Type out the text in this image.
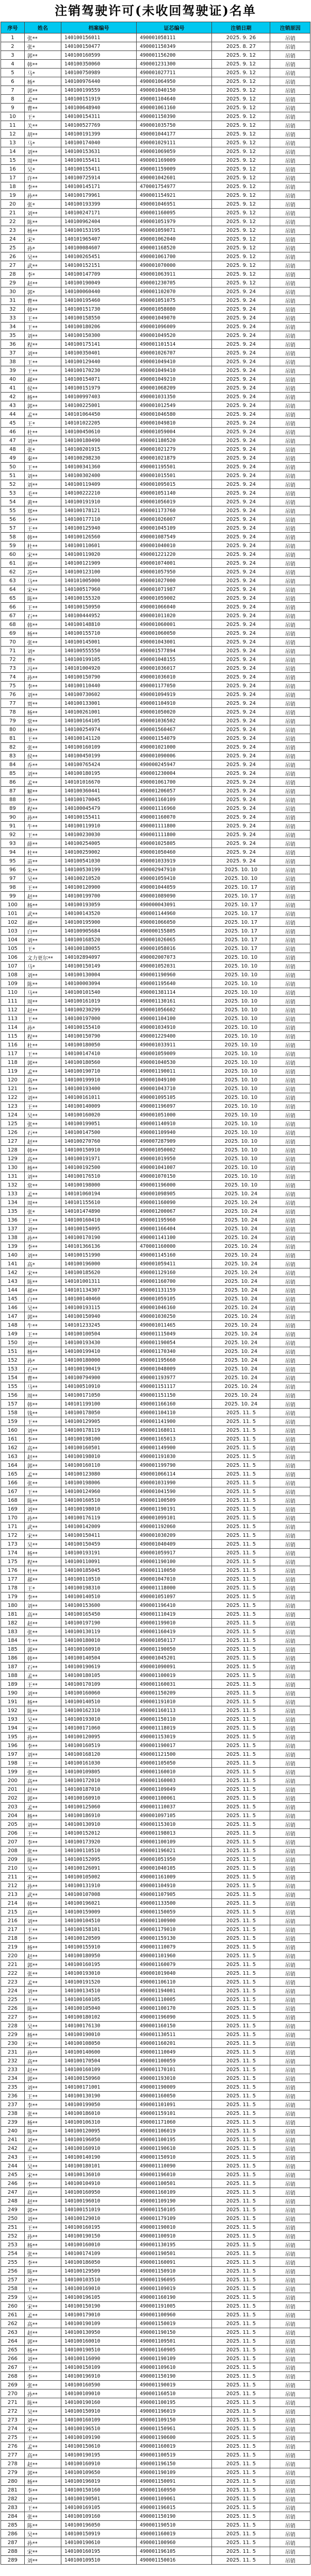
注销驾驶许可(未收回驾驶证)名单
序号	姓名	档案编号	证芯编号	注销日期	注销原因
1	张**	140100156011	490001058111	2025. 9. 26	吊销
2	张*	140100150477	490001150349	2025. 8. 27	吊销
3	郭**	140100160599	490001156200	2025. 9. 12	吊销
4	韩**	140100350060	490001231300	2025. 9. 12	吊销
5	马*	140100750989	490001027711	2025. 9. 12	吊销
6	杨*	140100976440	490001064950	2025. 9. 12	吊销
7	郭**	140100199559	490001040150	2025. 9. 12	吊销
8	孟**	140100151919	490001104640	2025. 9. 12	吊销
9	曹**	140100648940	490001061160	2025. 9. 12	吊销
10	王*	140100154311	490001150390	2025. 9. 12	吊销
11	关**	140100527769	490001035750	2025. 9. 12	吊销
12	胡**	140100191399	490001044177	2025. 9. 12	吊销
13	马*	140100174040	490001029111	2025. 9. 12	吊销
14	刘**	140100153631	490001069059	2025. 9. 12	吊销
15	周**	140100155411	490001169009	2025. 9. 12	吊销
16	吴*	140100155411	490001159009	2025. 9. 12	吊销
17	许**	140100725914	490001042601	2025. 9. 12	吊销
18	李**	140100145171	470001754977	2025. 9. 12	吊销
19	孙**	140100179961	490001154921	2025. 9. 12	吊销
20	张*	140100193399	490001046951	2025. 9. 12	吊销
21	刘**	140100247171	490001160095	2025. 9. 12	吊销
22	陈**	140100962404	490001051979	2025. 9. 12	吊销
23	杨**	140100153195	490001059071	2025. 9. 12	吊销
24	宋*	140101965407	490001062040	2025. 9. 12	吊销
25	孙*	140100084607	490001168520	2025. 9. 12	吊销
26	吴**	140100265451	490001061700	2025. 9. 12	吊销
27	武**	140100152151	490001070000	2025. 9. 12	吊销
28	李*	140100147709	490001063911	2025. 9. 12	吊销
29	赵**	140100190049	490001230705	2025. 9. 12	吊销
30	郭*	140100060440	490001102070	2025. 9. 24	吊销
31	曹**	140100195460	490001051075	2025. 9. 24	吊销
32	韩**	140100151730	490001058080	2025. 9. 24	吊销
33	王**	140100158550	490001049070	2025. 9. 24	吊销
34	王**	140100180206	490001096009	2025. 9. 24	吊销
35	刘**	140100150300	490001049520	2025. 9. 24	吊销
36	程**	140100175141	490001101514	2025. 9. 24	吊销
37	刘**	140100350401	490001026707	2025. 9. 24	吊销
38	王**	140100129440	490001049410	2025. 9. 24	吊销
39	王**	140100170230	490001049410	2025. 9. 24	吊销
40	郝**	140100154071	490001049210	2025. 9. 24	吊销
41	侯**	140100151979	490001068209	2025. 9. 24	吊销
42	杨**	140100997403	490001031350	2025. 9. 24	吊销
43	郭**	140100225001	490001012549	2025. 9. 24	吊销
44	孟**	140101064450	490001046580	2025. 9. 24	吊销
45	王*	140101022205	490001049810	2025. 9. 24	吊销
46	杜**	140100450610	490001059004	2025. 9. 24	吊销
47	刘**	140100180490	490001180520	2025. 9. 24	吊销
48	张*	140100201915	490001021279	2025. 9. 24	吊销
49	秦**	140100298230	490001021879	2025. 9. 24	吊销
50	王**	140100341360	490001195501	2025. 9. 24	吊销
51	刘**	140100302400	490001015501	2025. 9. 24	吊销
52	刘**	140100119409	490001095015	2025. 9. 24	吊销
53	毛**	140100222210	490001051140	2025. 9. 24	吊销
54	黄**	140100191910	490001056019	2025. 9. 24	吊销
55	郑**	140100178121	490001173760	2025. 9. 24	吊销
56	李**	140100177110	490001026007	2025. 9. 24	吊销
57	王**	140100125940	490001045109	2025. 9. 24	吊销
58	韩**	140100126560	490001087549	2025. 9. 24	吊销
59	杜**	140100110601	490001040010	2025. 9. 24	吊销
60	宋**	140100119020	490001221220	2025. 9. 24	吊销
61	郭**	140100121909	490001074001	2025. 9. 24	吊销
62	苏**	140100123100	490001057950	2025. 9. 24	吊销
63	马**	140101005000	490001027000	2025. 9. 24	吊销
64	宋**	140100517960	490001071987	2025. 9. 24	吊销
65	陈**	140100155320	490001059002	2025. 9. 24	吊销
66	王**	140100150950	490001066040	2025. 9. 24	吊销
67	石**	140100444952	490001011020	2025. 9. 24	吊销
68	韩**	140100148810	490001060001	2025. 9. 24	吊销
69	杨**	140100155710	490001060050	2025. 9. 24	吊销
70	张**	140100145001	490001043001	2025. 9. 24	吊销
71	刘*	140100555550	490001577894	2025. 9. 24	吊销
72	曹*	140100199105	490001048155	2025. 9. 24	吊销
73	冯**	140101004920	490001036017	2025. 9. 24	吊销
74	孙**	140100150790	490001036010	2025. 9. 24	吊销
75	李**	140100110440	490001177050	2025. 9. 24	吊销
76	刘**	140100730602	490001094919	2025. 9. 24	吊销
77	贾**	140100133001	490001104910	2025. 9. 24	吊销
78	杨**	140100261001	490001050020	2025. 9. 24	吊销
79	常**	140100164105	490001036502	2025. 9. 24	吊销
80	林**	140100254974	490001560467	2025. 9. 24	吊销
81	王**	140100141120	490001154079	2025. 9. 24	吊销
82	张**	140100160109	490001021000	2025. 9. 24	吊销
83	侯**	140100450199	490001090006	2025. 9. 24	吊销
84	乔**	140100765424	490000245947	2025. 9. 24	吊销
85	刘**	140100180195	490001230004	2025. 9. 24	吊销
86	孟**	140101016670	490001061700	2025. 9. 24	吊销
87	解**	140100360441	490001206057	2025. 9. 24	吊销
88	李**	140100170045	490001160109	2025. 9. 24	吊销
89	程**	140100045479	490001116960	2025. 9. 24	吊销
90	孙**	140100155411	490001160070	2025. 9. 24	吊销
91	牛**	140100119910	490001111800	2025. 9. 24	吊销
92	王**	140100230030	490001111800	2025. 9. 24	吊销
93	薛**	140100254005	490001025805	2025. 9. 24	吊销
94	杜**	140100259002	490001050460	2025. 9. 24	吊销
95	苗**	140100541030	490001033919	2025. 9. 24	吊销
96	朱**	140100530199	490002947910	2025. 10. 10	吊销
97	吴**	140100210520	490001059410	2025. 10. 10	吊销
98	王**	140100120900	490001044059	2025. 10. 17	吊销
99	赵**	140100199700	490001089090	2025. 10. 17	吊销
100	杨**	140100193059	490000043091	2025. 10. 17	吊销
101	武**	140100143520	490001144960	2025. 10. 17	吊销
102	郝**	140100195900	490001066050	2025. 10. 17	吊销
103	白**	140100905684	490000155805	2025. 10. 17	吊销
104	刘**	140100168520	490001026065	2025. 10. 17	吊销
105	王*	140100180055	490001058016	2025. 10. 17	吊销
106	文力更尔**	140102894097	490002007073	2025. 10. 10	吊销
107	马*	140100150149	490001052031	2025. 10. 10	吊销
108	刘**	140100130004	490001190960	2025. 10. 10	吊销
109	陈**	140100003094	490001195640	2025. 10. 10	吊销
110	马**	140100101540	490001381114	2025. 10. 10	吊销
111	周**	140100161019	490001130161	2025. 10. 10	吊销
112	赵**	140100230299	490001056602	2025. 10. 10	吊销
113	王**	140100197000	490001104100	2025. 10. 10	吊销
114	孙*	140100155410	490001034910	2025. 10. 10	吊销
115	程**	140100150790	490001229400	2025. 10. 10	吊销
116	杜**	140100180050	490001033911	2025. 10. 10	吊销
117	王**	140100147410	490001059009	2025. 10. 10	吊销
118	郭**	140100180560	490001040530	2025. 10. 10	吊销
119	孟**	140100190710	490001190011	2025. 10. 10	吊销
120	高**	140100199910	490001049100	2025. 10. 10	吊销
121	李**	140100193400	490001043710	2025. 10. 10	吊销
122	刘**	140100161011	490001095105	2025. 10. 10	吊销
123	王**	140100140009	490001196097	2025. 10. 10	吊销
124	吴**	140100160020	490001051000	2025. 10. 10	吊销
125	张**	140100199051	490001140910	2025. 10. 10	吊销
126	石**	140100147500	490001109940	2025. 10. 10	吊销
127	赵**	140100270760	490007287909	2025. 10. 10	吊销
128	韩**	140100150910	490001050002	2025. 10. 10	吊销
129	高**	140100191971	490001019950	2025. 10. 10	吊销
130	杨**	140100192500	490001041007	2025. 10. 10	吊销
131	刘**	140100176510	490001070150	2025. 10. 10	吊销
132	常**	140100198000	490001196000	2025. 10. 10	吊销
133	孟**	140101060194	490001098905	2025. 10. 24	吊销
134	周**	140101155610	490001160090	2025. 10. 24	吊销
135	张*	140101474890	490001200067	2025. 10. 24	吊销
136	王**	140100160410	490001195960	2025. 10. 24	吊销
137	刘**	140100154095	490001166404	2025. 10. 24	吊销
138	孙**	140100170190	490001141100	2025. 10. 24	吊销
139	李**	140101366136	470001160000	2025. 10. 24	吊销
140	刘**	140100151990	490001145160	2025. 10. 24	吊销
141	高*	140100196000	490001059411	2025. 10. 24	吊销
142	宋**	140100185620	490001129160	2025. 10. 24	吊销
143	陈**	140101001311	490001160700	2025. 10. 24	吊销
144	郝**	140101134307	490001131159	2025. 10. 24	吊销
145	白**	140100140460	490001059105	2025. 10. 24	吊销
146	吴**	140100193115	490001046160	2025. 10. 24	吊销
147	郭**	140100150940	490001030250	2025. 10. 24	吊销
148	牛**	140101233245	490001011465	2025. 10. 24	吊销
149	王**	140100100504	490001115049	2025. 10. 24	吊销
150	刘**	140100193430	490001190054	2025. 10. 24	吊销
151	杨**	140100199410	490001170340	2025. 10. 24	吊销
152	孙*	140100180000	490001195660	2025. 10. 24	吊销
153	石**	140100190419	490001048009	2025. 10. 24	吊销
154	曹**	140100794900	490001193977	2025. 10. 24	吊销
155	马**	140100510910	490001151117	2025. 10. 24	吊销
156	周**	140100171050	490001151150	2025. 10. 24	吊销
157	韩**	140101199100	490001166160	2025. 10. 24	吊销
158	钱**	140100178050	490001104110	2025. 11. 5	吊销
159	王**	140100129905	490001141900	2025. 11. 5	吊销
160	刘**	140100178119	490001168011	2025. 11. 5	吊销
161	李**	140100198100	490001165013	2025. 11. 5	吊销
162	高**	140100160501	490001149900	2025. 11. 5	吊销
163	赵**	140100198010	490001191030	2025. 11. 5	吊销
164	郭**	140100160110	490001199790	2025. 11. 5	吊销
165	孟**	140100123080	490001066114	2025. 11. 5	吊销
166	张**	140100198006	490001031990	2025. 11. 5	吊销
167	王**	140100124960	490001041590	2025. 11. 5	吊销
168	陈**	140100160510	490001100509	2025. 11. 5	吊销
169	刘**	140100198010	490001190191	2025. 11. 5	吊销
170	孙**	140100176119	490001099101	2025. 11. 5	吊销
171	武**	140100142009	490001192060	2025. 11. 5	吊销
172	宋**	140100150411	490001030209	2025. 11. 5	吊销
173	吴**	140100150459	490001040409	2025. 11. 5	吊销
174	杨**	140100193191	490001059917	2025. 11. 5	吊销
175	程**	140100110091	490001190100	2025. 11. 5	吊销
176	杜**	140100185045	490001110050	2025. 11. 5	吊销
177	郝**	140100110510	490001047010	2025. 11. 5	吊销
178	王*	140100198310	490001118000	2025. 11. 5	吊销
179	李**	140100140510	490001051097	2025. 11. 5	吊销
180	刘**	140100153600	490001196410	2025. 11. 5	吊销
181	高**	140100165450	490001110419	2025. 11. 5	吊销
182	赵**	140100197190	490001199010	2025. 11. 5	吊销
183	张**	140100130119	490001160419	2025. 11. 5	吊销
184	牛**	140100180010	490001050117	2025. 11. 5	吊销
185	郭**	140100160910	490001190050	2025. 11. 5	吊销
186	韩**	140100140504	490001045201	2025. 11. 5	吊销
187	石**	140100190619	490001090091	2025. 11. 5	吊销
188	孟**	140100180105	490001100019	2025. 11. 5	吊销
189	王**	140100170109	490001160031	2025. 11. 5	吊销
190	刘**	140100160060	490001150209	2025. 11. 5	吊销
191	杨**	140100140510	490001191010	2025. 11. 5	吊销
192	陈**	140100162310	490001160113	2025. 11. 5	吊销
193	吴**	140100193010	490001150110	2025. 11. 5	吊销
194	宋**	140100171060	490001118019	2025. 11. 5	吊销
195	孙**	140100120095	490001153019	2025. 11. 5	吊销
196	李**	140100160519	490001190017	2025. 11. 5	吊销
197	刘**	140100168120	490001121500	2025. 11. 5	吊销
198	王**	140100161030	490001105050	2025. 11. 5	吊销
199	张**	140100109805	490001160010	2025. 11. 5	吊销
200	高**	140100172010	490001160003	2025. 11. 5	吊销
201	赵**	140100187010	490001109049	2025. 11. 5	吊销
202	郭**	140100160910	490001100061	2025. 11. 5	吊销
203	孟**	140100125060	490001110037	2025. 11. 5	吊销
204	杨**	140100186910	490001097105	2025. 11. 5	吊销
205	刘**	140100130910	490001153010	2025. 11. 5	吊销
206	王**	140100152012	490001198013	2025. 11. 5	吊销
207	李**	140100173920	490001100109	2025. 11. 5	吊销
208	张**	140100110510	490001196021	2025. 11. 5	吊销
209	陈**	140100152095	490001051950	2025. 11. 5	吊销
210	吴**	140100126091	490001040105	2025. 11. 5	吊销
211	宋**	140100105002	490001161009	2025. 11. 5	吊销
212	孙**	140100131910	490001104910	2025. 11. 5	吊销
213	武**	140100107008	490001107905	2025. 11. 5	吊销
214	韩**	140100196021	490001133500	2025. 11. 5	吊销
215	高**	140100159009	490001150059	2025. 11. 5	吊销
216	刘**	140100104510	490001100900	2025. 11. 5	吊销
217	王**	140100158101	490001179010	2025. 11. 5	吊销
218	李**	140100120509	490001159130	2025. 11. 5	吊销
219	杨**	140100155910	490001110079	2025. 11. 5	吊销
220	赵**	140100180950	490001101960	2025. 11. 5	吊销
221	郭**	140100160195	490001160079	2025. 11. 5	吊销
222	张**	140100193010	490001019040	2025. 11. 5	吊销
223	孟**	140100191520	490001106110	2025. 11. 5	吊销
224	刘**	140100134510	490001194001	2025. 11. 5	吊销
225	王**	140100160105	490001110005	2025. 11. 5	吊销
226	陈**	140100105040	490001100170	2025. 11. 5	吊销
227	李**	140100180102	490001196090	2025. 11. 5	吊销
228	吴**	140100176130	490001160150	2025. 11. 5	吊销
229	杨**	140100190010	490001130511	2025. 11. 5	吊销
230	宋**	140100108050	490001160201	2025. 11. 5	吊销
231	孙**	140100140600	490001110049	2025. 11. 5	吊销
232	高**	140100170504	490001100059	2025. 11. 5	吊销
233	赵**	140100160109	490001170101	2025. 11. 5	吊销
234	郭**	140100150960	490001193010	2025. 11. 5	吊销
235	刘**	140100171001	490001190009	2025. 11. 5	吊销
236	王**	140100130190	490001160050	2025. 11. 5	吊销
237	李**	140100199050	490001101091	2025. 11. 5	吊销
238	张**	140100186010	490001159101	2025. 11. 5	吊销
239	杨**	140100106310	490001171060	2025. 11. 5	吊销
240	陈**	140100120095	490001106019	2025. 11. 5	吊销
241	刘**	140100196050	490001100195	2025. 11. 5	吊销
242	孟**	140100160910	490001190610	2025. 11. 5	吊销
243	王**	140100140190	490001150910	2025. 11. 5	吊销
244	吴**	140100180101	490001110090	2025. 11. 5	吊销
245	宋**	140100136010	490001196010	2025. 11. 5	吊销
246	李**	140100104910	490001100501	2025. 11. 5	吊销
247	高**	140100160950	490001160109	2025. 11. 5	吊销
248	赵**	140100196010	490001109190	2025. 11. 5	吊销
249	郭**	140100151019	490001150105	2025. 11. 5	吊销
250	刘**	140100129010	490001179109	2025. 11. 5	吊销
251	王**	140100160195	490001190010	2025. 11. 5	吊销
252	孙**	140100190150	490001100910	2025. 11. 5	吊销
253	杨**	140100160010	490001130195	2025. 11. 5	吊销
254	张**	140100174109	490001190501	2025. 11. 5	吊销
255	李**	140100186050	490001160091	2025. 11. 5	吊销
256	陈**	140100129509	490001150910	2025. 11. 5	吊销
257	刘**	140100103510	490001196095	2025. 11. 5	吊销
258	王**	140100169010	490001109019	2025. 11. 5	吊销
259	吴**	140100196105	490001160190	2025. 11. 5	吊销
260	宋**	140100150190	490001191005	2025. 11. 5	吊销
261	孟**	140100179010	490001100960	2025. 11. 5	吊销
262	高**	140100190109	490001150019	2025. 11. 5	吊销
263	赵**	140100130950	490001190150	2025. 11. 5	吊销
264	郭**	140100160010	490001109501	2025. 11. 5	吊销
265	杨**	140100190510	490001160905	2025. 11. 5	吊销
266	刘**	140100116090	490001190109	2025. 11. 5	吊销
267	王**	140100150109	490001109610	2025. 11. 5	吊销
268	李**	140100196910	490001150190	2025. 11. 5	吊销
269	张**	140100160590	490001190019	2025. 11. 5	吊销
270	孙**	140100109010	490001160510	2025. 11. 5	吊销
271	陈**	140100190160	490001100195	2025. 11. 5	吊销
272	吴**	140100150910	490001196019	2025. 11. 5	吊销
273	刘**	140100160109	490001109150	2025. 11. 5	吊销
274	宋**	140100196510	490001150961	2025. 11. 5	吊销
275	王**	140100109190	490001190600	2025. 11. 5	吊销
276	孟**	140100150610	490001160019	2025. 11. 5	吊销
277	高**	140100190195	490001100519	2025. 11. 5	吊销
278	赵**	140100160910	490001196150	2025. 11. 5	吊销
279	郭**	140100109650	490001190109	2025. 11. 5	吊销
280	杨**	140100196019	490001150091	2025. 11. 5	吊销
281	李**	140100150160	490001160950	2025. 11. 5	吊销
282	刘**	140100190501	490001109061	2025. 11. 5	吊销
283	王**	140100169105	490001196015	2025. 11. 5	吊销
284	张**	140100109160	490001150190	2025. 11. 5	吊销
285	陈**	140100196050	490001190510	2025. 11. 5	吊销
286	吴**	140100150919	490001160019	2025. 11. 5	吊销
287	孙**	140100190610	490001100960	2025. 11. 5	吊销
288	宋**	140100160195	490001196105	2025. 11. 5	吊销
289	刘**	140100109510	490001150016	2025. 11. 5	吊销
